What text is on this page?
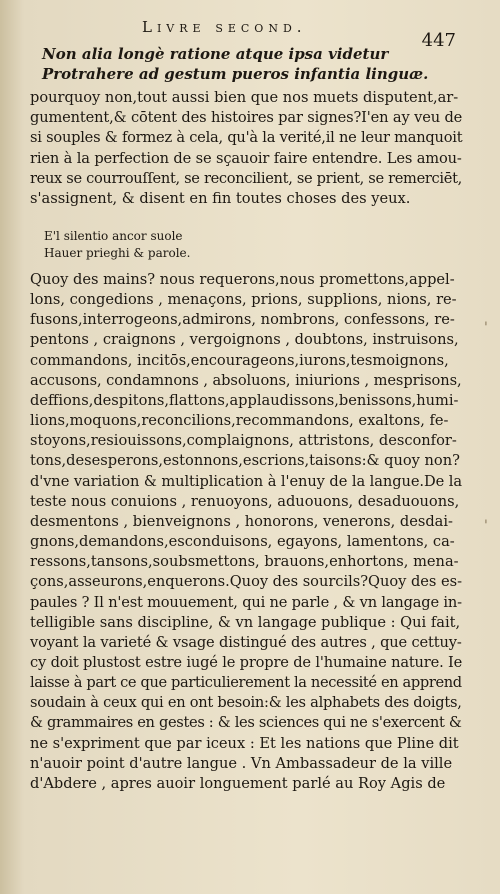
Livre second.
447
Non alia longè ratione atque ipsa videtur
Protrahere ad gestum pueros infantia linguæ.
pourquoy non,tout aussi bien que nos muets disputent,ar-
gumentent,& cōtent des histoires par signes?I'en ay veu de
si souples & formez à cela, qu'à la verité,il ne leur manquoit
rien à la perfection de se sçauoir faire entendre. Les amou-
reux se courrouſſent, se reconcilient, se prient, se remerciēt,
s'assignent, & disent en fin toutes choses des yeux.
E'l silentio ancor suole
Hauer prieghi & parole.
Quoy des mains? nous requerons,nous promettons,appel-
lons, congedions , menaçons, prions, supplions, nions, re-
fusons,interrogeons,admirons, nombrons, confessons, re-
pentons , craignons , vergoignons , doubtons, instruisons,
commandons, incitōs,encourageons,iurons,tesmoignons,
accusons, condamnons , absoluons, iniurions , mesprisons,
deffions,despitons,flattons,applaudissons,benissons,humi-
lions,moquons,reconcilions,recommandons, exaltons, fe-
stoyons,resiouissons,complaignons, attristons, desconfor-
tons,desesperons,estonnons,escrions,taisons:& quoy non?
d'vne variation & multiplication à l'enuy de la langue.De la
teste nous conuions , renuoyons, aduouons, desaduouons,
desmentons , bienveignons , honorons, venerons, desdai-
gnons,demandons,esconduisons, egayons, lamentons, ca-
ressons,tansons,soubsmettons, brauons,enhortons, mena-
çons,asseurons,enquerons.Quoy des sourcils?Quoy des es-
paules ? Il n'est mouuement, qui ne parle , & vn langage in-
telligible sans discipline, & vn langage publique : Qui fait,
voyant la varieté & vsage distingué des autres , que cettuy-
cy doit plustost estre iugé le propre de l'humaine nature. Ie
laisse à part ce que particulierement la necessité en apprend
soudain à ceux qui en ont besoin:& les alphabets des doigts,
& grammaires en gestes : & les sciences qui ne s'exercent &
ne s'expriment que par iceux : Et les nations que Pline dit
n'auoir point d'autre langue . Vn Ambassadeur de la ville
d'Abdere , apres auoir longuement parlé au Roy Agis de
'
'
